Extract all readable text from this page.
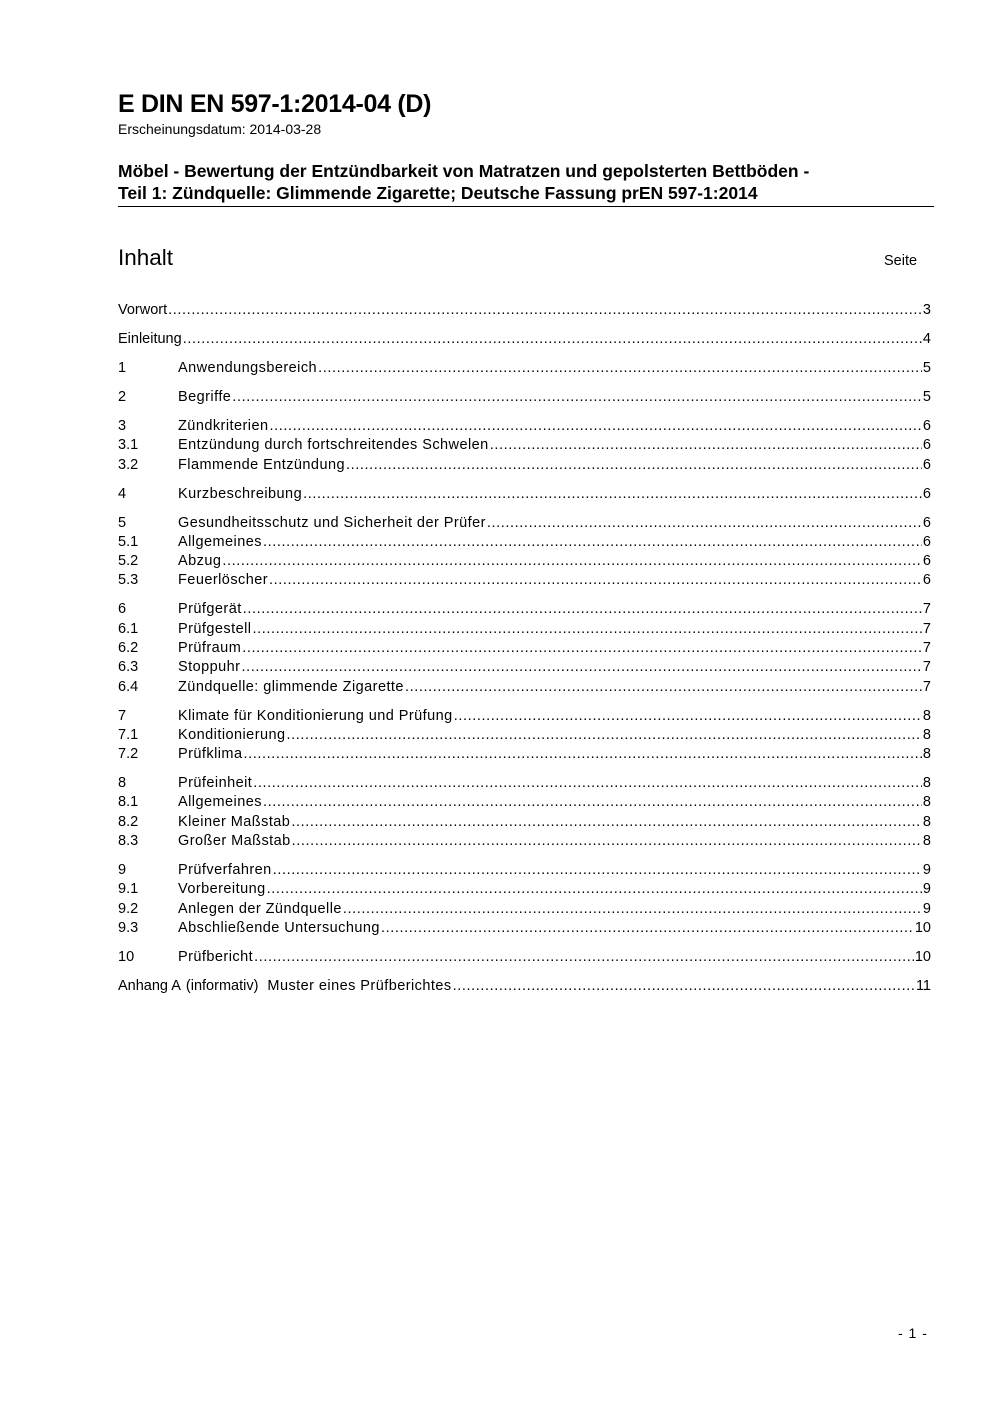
E DIN EN 597-1:2014-04 (D)
Erscheinungsdatum: 2014-03-28
Möbel - Bewertung der Entzündbarkeit von Matratzen und gepolsterten Bettböden -
Teil 1: Zündquelle: Glimmende Zigarette; Deutsche Fassung prEN 597-1:2014
Inhalt	Seite
Vorwort .....	3
Einleitung .....	4
1	Anwendungsbereich .....	5
2	Begriffe .....	5
3	Zündkriterien .....	6
3.1	Entzündung durch fortschreitendes Schwelen .....	6
3.2	Flammende Entzündung .....	6
4	Kurzbeschreibung .....	6
5	Gesundheitsschutz und Sicherheit der Prüfer .....	6
5.1	Allgemeines .....	6
5.2	Abzug .....	6
5.3	Feuerlöscher .....	6
6	Prüfgerät .....	7
6.1	Prüfgestell .....	7
6.2	Prüfraum .....	7
6.3	Stoppuhr .....	7
6.4	Zündquelle: glimmende Zigarette .....	7
7	Klimate für Konditionierung und Prüfung .....	8
7.1	Konditionierung .....	8
7.2	Prüfklima .....	8
8	Prüfeinheit .....	8
8.1	Allgemeines .....	8
8.2	Kleiner Maßstab .....	8
8.3	Großer Maßstab .....	8
9	Prüfverfahren .....	9
9.1	Vorbereitung .....	9
9.2	Anlegen der Zündquelle .....	9
9.3	Abschließende Untersuchung .....	10
10	Prüfbericht .....	10
Anhang A (informativ) Muster eines Prüfberichtes .....	11
- 1 -
